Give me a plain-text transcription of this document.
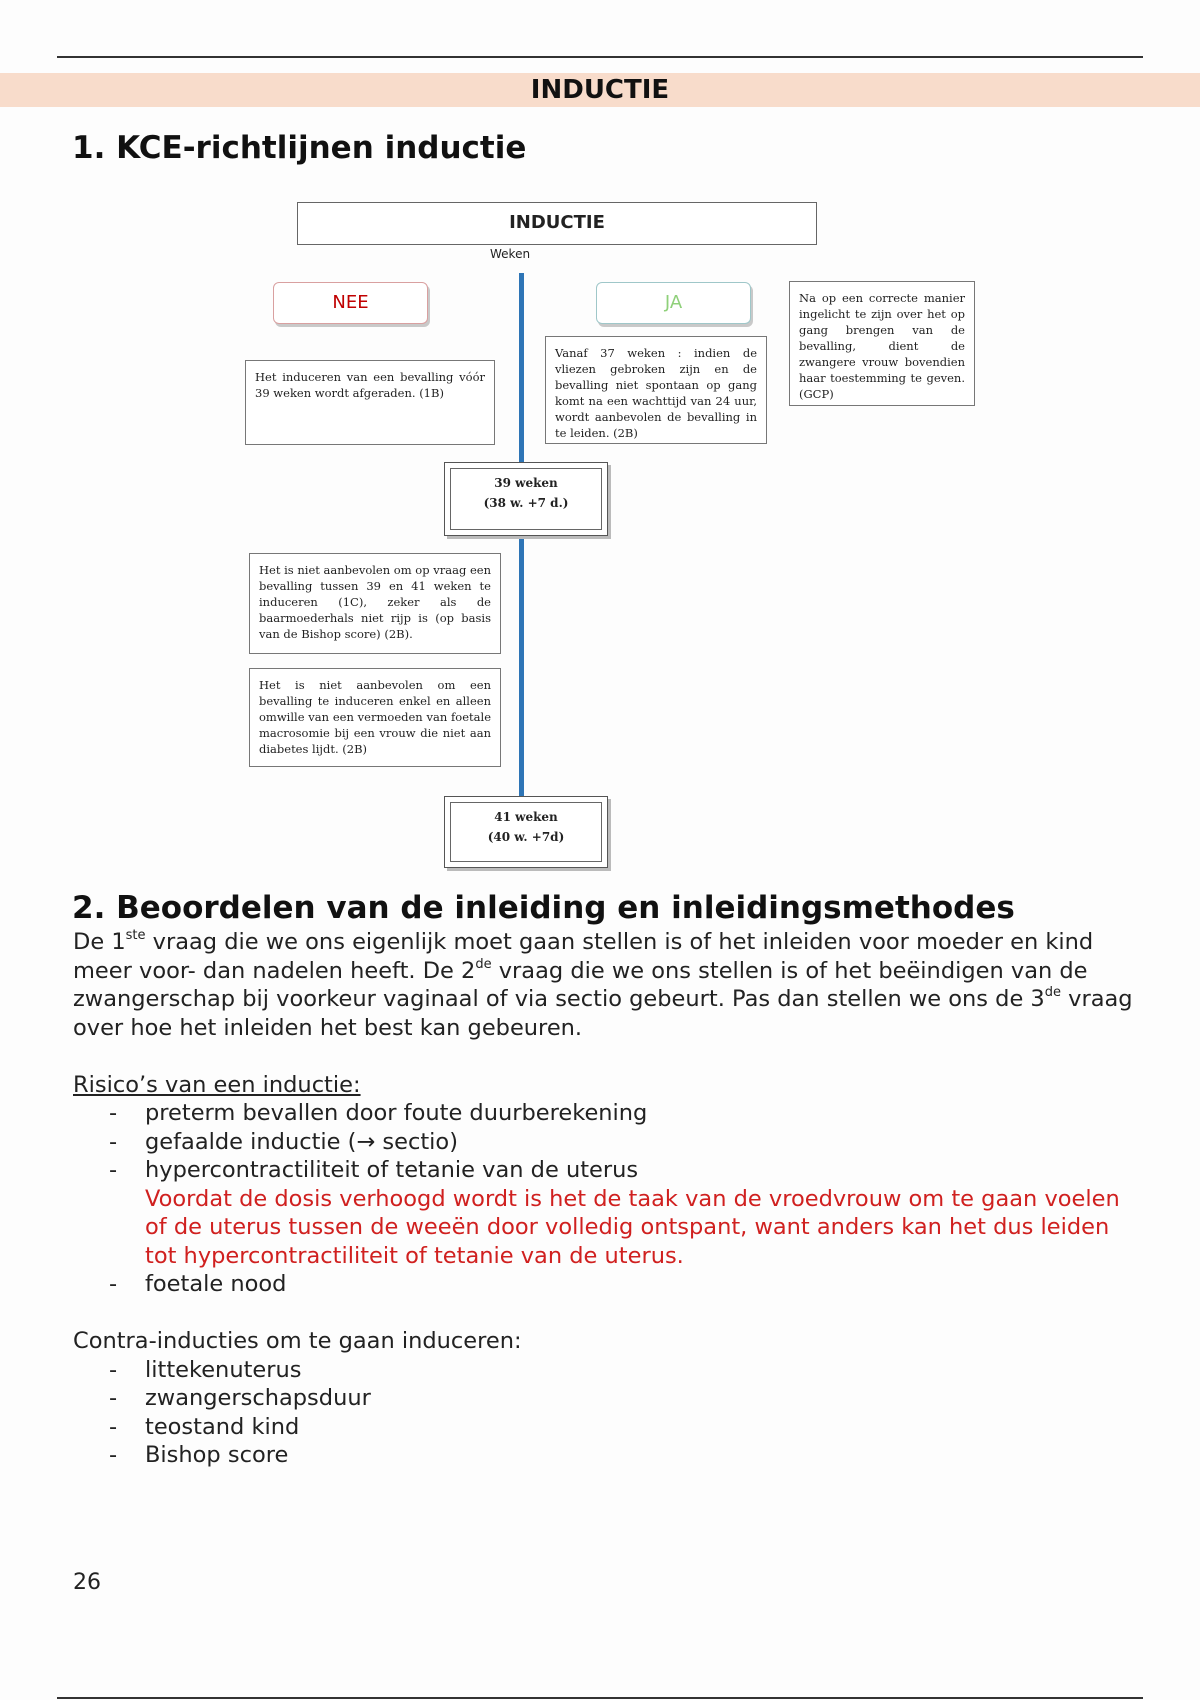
INDUCTIE
1. KCE-richtlijnen inductie
INDUCTIE
Weken
NEE	JA
Het induceren van een bevalling vóór 39 weken wordt afgeraden. (1B)
Vanaf 37 weken : indien de vliezen gebroken zijn en de bevalling niet spontaan op gang komt na een wachttijd van 24 uur, wordt aanbevolen de bevalling in te leiden. (2B)
Na op een correcte manier ingelicht te zijn over het op gang brengen van de bevalling, dient de zwangere vrouw bovendien haar toestemming te geven. (GCP)
39 weken
(38 w. +7 d.)
Het is niet aanbevolen om op vraag een bevalling tussen 39 en 41 weken te induceren (1C), zeker als de baarmoederhals niet rijp is (op basis van de Bishop score) (2B).
Het is niet aanbevolen om een bevalling te induceren enkel en alleen omwille van een vermoeden van foetale macrosomie bij een vrouw die niet aan diabetes lijdt. (2B)
41 weken
(40 w. +7d)
2. Beoordelen van de inleiding en inleidingsmethodes

De 1ste vraag die we ons eigenlijk moet gaan stellen is of het inleiden voor moeder en kind meer voor- dan nadelen heeft. De 2de vraag die we ons stellen is of het beëindigen van de zwangerschap bij voorkeur vaginaal of via sectio gebeurt. Pas dan stellen we ons de 3de vraag over hoe het inleiden het best kan gebeuren.

Risico’s van een inductie:

- preterm bevallen door foute duurberekening
- gefaalde inductie (→ sectio)
- hypercontractiliteit of tetanie van de uterus

Voordat de dosis verhoogd wordt is het de taak van de vroedvrouw om te gaan voelen of de uterus tussen de weeën door volledig ontspant, want anders kan het dus leiden tot hypercontractiliteit of tetanie van de uterus.

- foetale nood

Contra-inducties om te gaan induceren:

- littekenuterus
- zwangerschapsduur
- teostand kind
- Bishop score
26
